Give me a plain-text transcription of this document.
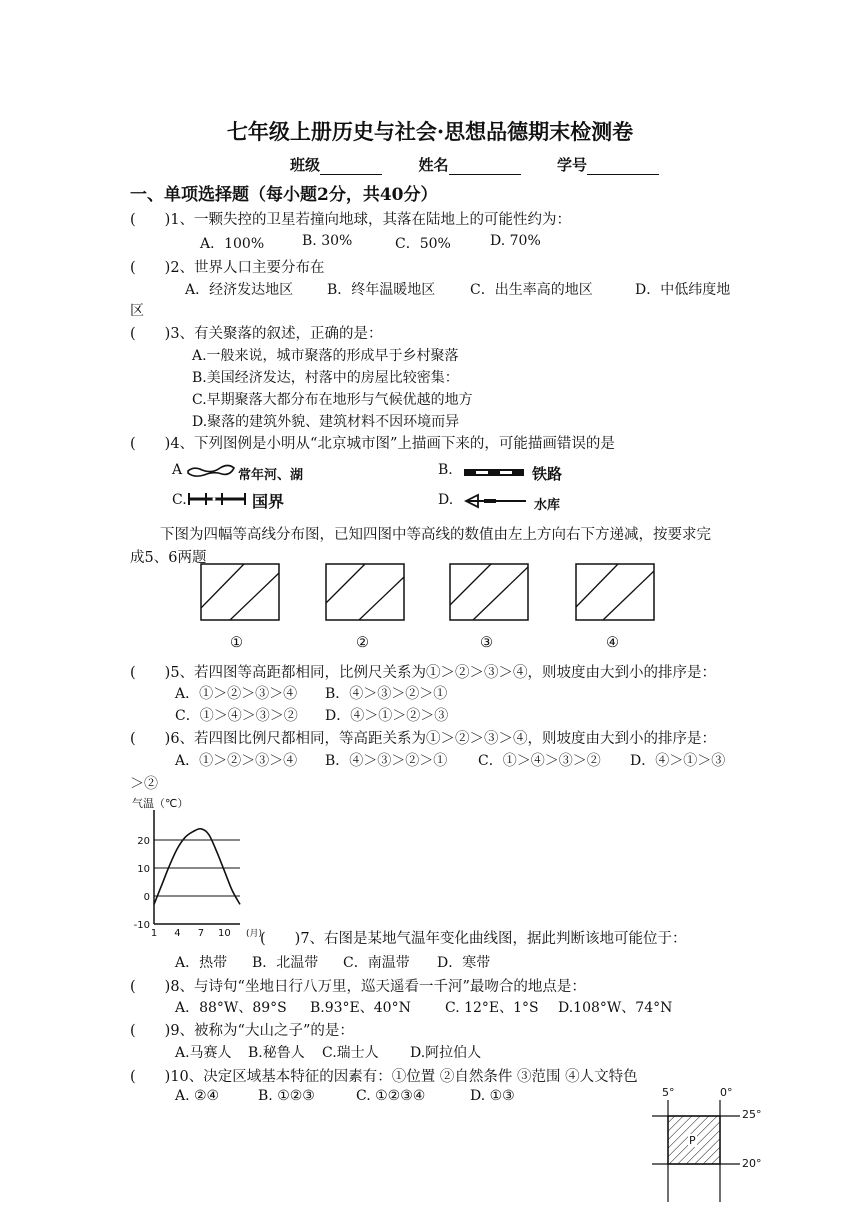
七年级上册历史与社会·思想品德期末检测卷
班级	姓名	学号
一、单项选择题（每小题2分，共40分）
(　　)1、一颗失控的卫星若撞向地球，其落在陆地上的可能性约为：
A．100%	B. 30%	C．50%	D. 70%
(　　)2、世界人口主要分布在
A．经济发达地区 B．终年温暖地区 C．出生率高的地区	D．中低纬度地
区
(　　)3、有关聚落的叙述，正确的是：
A.一般来说，城市聚落的形成早于乡村聚落
B.美国经济发达，村落中的房屋比较密集：
C.早期聚落大都分布在地形与气候优越的地方
D.聚落的建筑外貌、建筑材料不因环境而异
(　　)4、下列图例是小明从“北京城市图”上描画下来的，可能描画错误的是
A	常年河、湖	B.	铁路
C.	国界	D.	水库
下图为四幅等高线分布图，已知四图中等高线的数值由左上方向右下方递减，按要求完
成5、6两题
①	②	③	④
(　　)5、若四图等高距都相同，比例尺关系为①＞②＞③＞④，则坡度由大到小的排序是：
A．①＞②＞③＞④ B．④＞③＞②＞①
C．①＞④＞③＞② D．④＞①＞②＞③
(　　)6、若四图比例尺都相同，等高距关系为①＞②＞③＞④，则坡度由大到小的排序是：
A．①＞②＞③＞④ B．④＞③＞②＞① C．①＞④＞③＞② D．④＞①＞③
＞②
气温（℃）
20
10
0
-10
1 4 7 10 (月)
(　　)7、右图是某地气温年变化曲线图，据此判断该地可能位于：
A．热带 B．北温带 C．南温带 D．寒带
(　　)8、与诗句“坐地日行八万里，巡天遥看一千河”最吻合的地点是：
A．88°W、89°S B.93°E、40°N C. 12°E、1°S D.108°W、74°N
(　　)9、被称为“大山之子”的是：
A.马赛人 B.秘鲁人 C.瑞士人 D.阿拉伯人
(　　)10、决定区域基本特征的因素有：①位置 ②自然条件 ③范围 ④人文特色
A. ②④	B. ①②③	C. ①②③④	D. ①③	5°	0°
25°
20°
P
